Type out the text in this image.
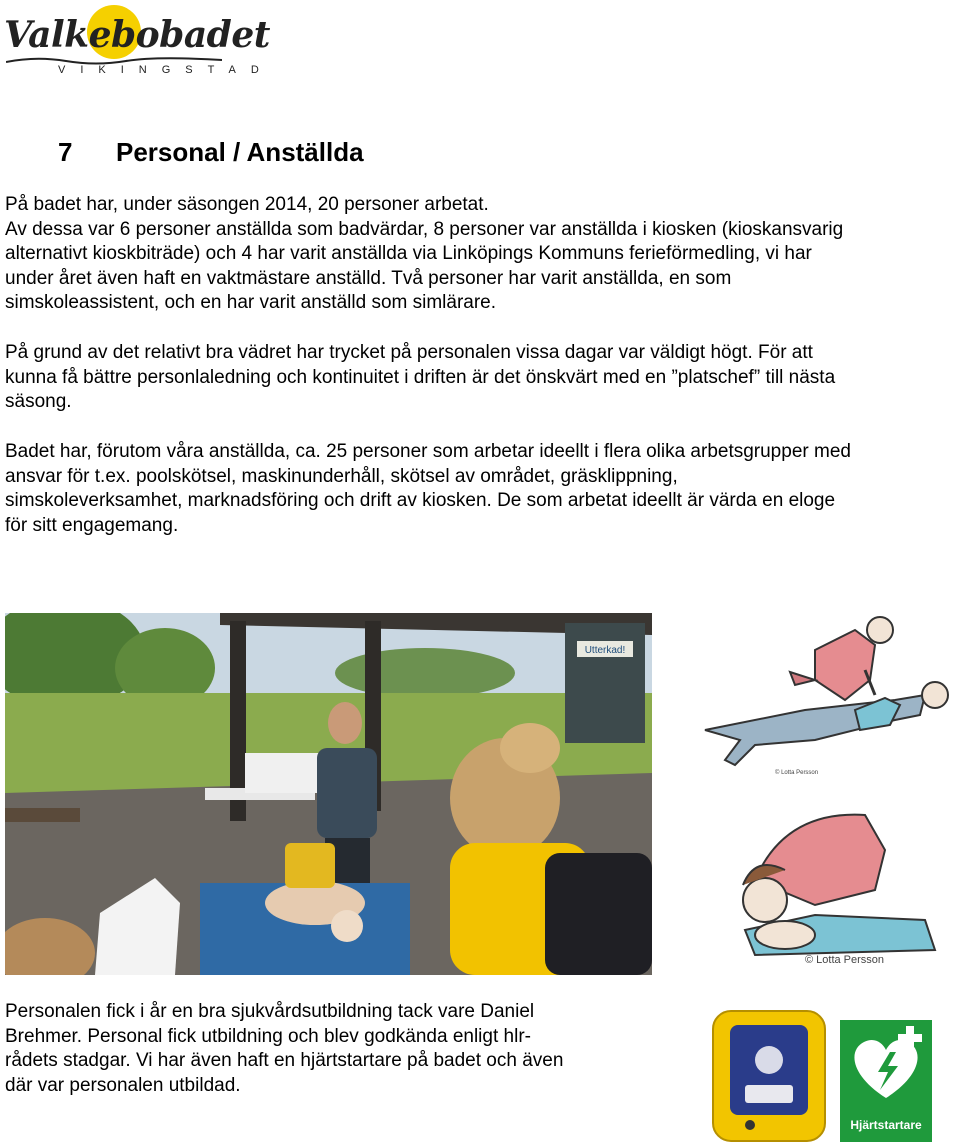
Valkebobadet
VIKINGSTAD
7 Personal / Anställda
På badet har, under säsongen 2014, 20 personer arbetat.
Av dessa var 6 personer anställda som badvärdar, 8 personer var anställda i kiosken (kioskansvarig
alternativt kioskbiträde) och 4 har varit anställda via Linköpings Kommuns ferieförmedling, vi har
under året även haft en vaktmästare anställd. Två personer har varit anställda, en som
simskoleassistent, och en har varit anställd som simlärare.
På grund av det relativt bra vädret har trycket på personalen vissa dagar var väldigt högt. För att
kunna få bättre personlaledning och kontinuitet i driften är det önskvärt med en ”platschef” till nästa
säsong.
Badet har, förutom våra anställda, ca. 25 personer som arbetar ideellt i flera olika arbetsgrupper med
ansvar för t.ex. poolskötsel, maskinunderhåll, skötsel av området, gräsklippning,
simskoleverksamhet, marknadsföring och drift av kiosken. De som arbetat ideellt är värda en eloge
för sitt engagemang.
Utterkad!
© Lotta Persson
© Lotta Persson
Personalen fick i år en bra sjukvårdsutbildning tack vare Daniel
Brehmer. Personal fick utbildning och blev godkända enligt hlr-
rådets stadgar. Vi har även haft en hjärtstartare på badet och även
där var personalen utbildad.
Hjärtstartare
